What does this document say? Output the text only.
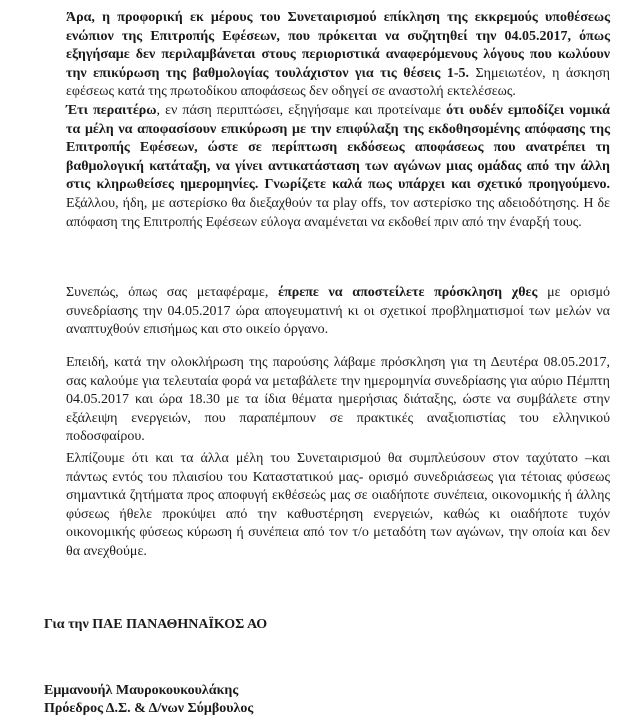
Άρα, η προφορική εκ μέρους του Συνεταιρισμού επίκληση της εκκρεμούς υποθέσεως ενώπιον της Επιτροπής Εφέσεων, που πρόκειται να συζητηθεί την 04.05.2017, όπως εξηγήσαμε δεν περιλαμβάνεται στους περιοριστικά αναφερόμενους λόγους που κωλύουν την επικύρωση της βαθμολογίας τουλάχιστον για τις θέσεις 1-5. Σημειωτέον, η άσκηση εφέσεως κατά της πρωτοδίκου αποφάσεως δεν οδηγεί σε αναστολή εκτελέσεως.

Έτι περαιτέρω, εν πάση περιπτώσει, εξηγήσαμε και προτείναμε ότι ουδέν εμποδίζει νομικά τα μέλη να αποφασίσουν επικύρωση με την επιφύλαξη της εκδοθησομένης απόφασης της Επιτροπής Εφέσεων, ώστε σε περίπτωση εκδόσεως αποφάσεως που ανατρέπει τη βαθμολογική κατάταξη, να γίνει αντικατάσταση των αγώνων μιας ομάδας από την άλλη στις κληρωθείσες ημερομηνίες. Γνωρίζετε καλά πως υπάρχει και σχετικό προηγούμενο. Εξάλλου, ήδη, με αστερίσκο θα διεξαχθούν τα play offs, τον αστερίσκο της αδειοδότησης. Η δε απόφαση της Επιτροπής Εφέσεων εύλογα αναμένεται να εκδοθεί πριν από την έναρξή τους.

Συνεπώς, όπως σας μεταφέραμε, έπρεπε να αποστείλετε πρόσκληση χθες με ορισμό συνεδρίασης την 04.05.2017 ώρα απογευματινή κι οι σχετικοί προβληματισμοί των μελών να αναπτυχθούν επισήμως και στο οικείο όργανο.

Επειδή, κατά την ολοκλήρωση της παρούσης λάβαμε πρόσκληση για τη Δευτέρα 08.05.2017, σας καλούμε για τελευταία φορά να μεταβάλετε την ημερομηνία συνεδρίασης για αύριο Πέμπτη 04.05.2017 και ώρα 18.30 με τα ίδια θέματα ημερήσιας διάταξης, ώστε να συμβάλετε στην εξάλειψη ενεργειών, που παραπέμπουν σε πρακτικές αναξιοπιστίας του ελληνικού ποδοσφαίρου.

Ελπίζουμε ότι και τα άλλα μέλη του Συνεταιρισμού θα συμπλεύσουν στον ταχύτατο –και πάντως εντός του πλαισίου του Καταστατικού μας- ορισμό συνεδριάσεως για τέτοιας φύσεως σημαντικά ζητήματα προς αποφυγή εκθέσεώς μας σε οιαδήποτε συνέπεια, οικονομικής ή άλλης φύσεως ήθελε προκύψει από την καθυστέρηση ενεργειών, καθώς κι οιαδήποτε τυχόν οικονομικής φύσεως κύρωση ή συνέπεια από τον τ/ο μεταδότη των αγώνων, την οποία και δεν θα ανεχθούμε.

Για την ΠΑΕ ΠΑΝΑΘΗΝΑΪΚΟΣ ΑΟ
Εμμανουήλ Μαυροκουκουλάκης
Πρόεδρος Δ.Σ. & Δ/νων Σύμβουλος
